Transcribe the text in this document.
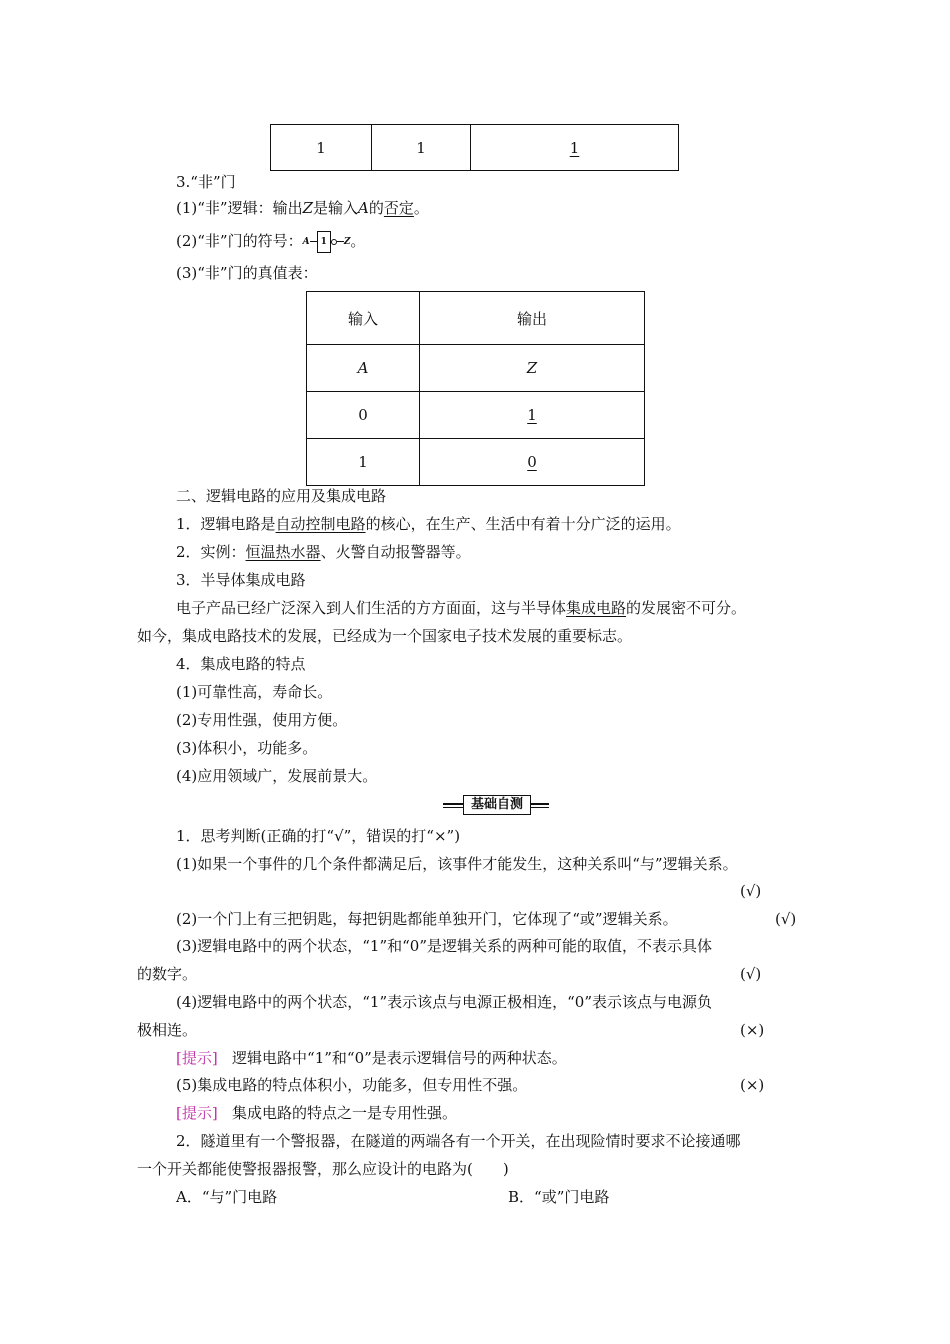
1	1	1
3.“非”门
(1)“非”逻辑：输出Z是输入A的否定。
(2)“非”门的符号：A 1 Z。
(3)“非”门的真值表：
输入	输出
A	Z
0	1
1	0
二、逻辑电路的应用及集成电路
1．逻辑电路是自动控制电路的核心，在生产、生活中有着十分广泛的运用。
2．实例：恒温热水器、火警自动报警器等。
3．半导体集成电路
电子产品已经广泛深入到人们生活的方方面面，这与半导体集成电路的发展密不可分。
如今，集成电路技术的发展，已经成为一个国家电子技术发展的重要标志。
4．集成电路的特点
(1)可靠性高，寿命长。
(2)专用性强，使用方便。
(3)体积小，功能多。
(4)应用领域广，发展前景大。
基础自测
1．思考判断(正确的打“√”，错误的打“×”)
(1)如果一个事件的几个条件都满足后，该事件才能发生，这种关系叫“与”逻辑关系。
(√)
(2)一个门上有三把钥匙，每把钥匙都能单独开门，它体现了“或”逻辑关系。	(√)
(3)逻辑电路中的两个状态，“1”和“0”是逻辑关系的两种可能的取值，不表示具体
的数字。	(√)
(4)逻辑电路中的两个状态，“1”表示该点与电源正极相连，“0”表示该点与电源负
极相连。	(×)
[提示] 逻辑电路中“1”和“0”是表示逻辑信号的两种状态。
(5)集成电路的特点体积小，功能多，但专用性不强。	(×)
[提示] 集成电路的特点之一是专用性强。
2．隧道里有一个警报器，在隧道的两端各有一个开关，在出现险情时要求不论接通哪
一个开关都能使警报器报警，那么应设计的电路为(　　)
A．“与”门电路	B．“或”门电路
